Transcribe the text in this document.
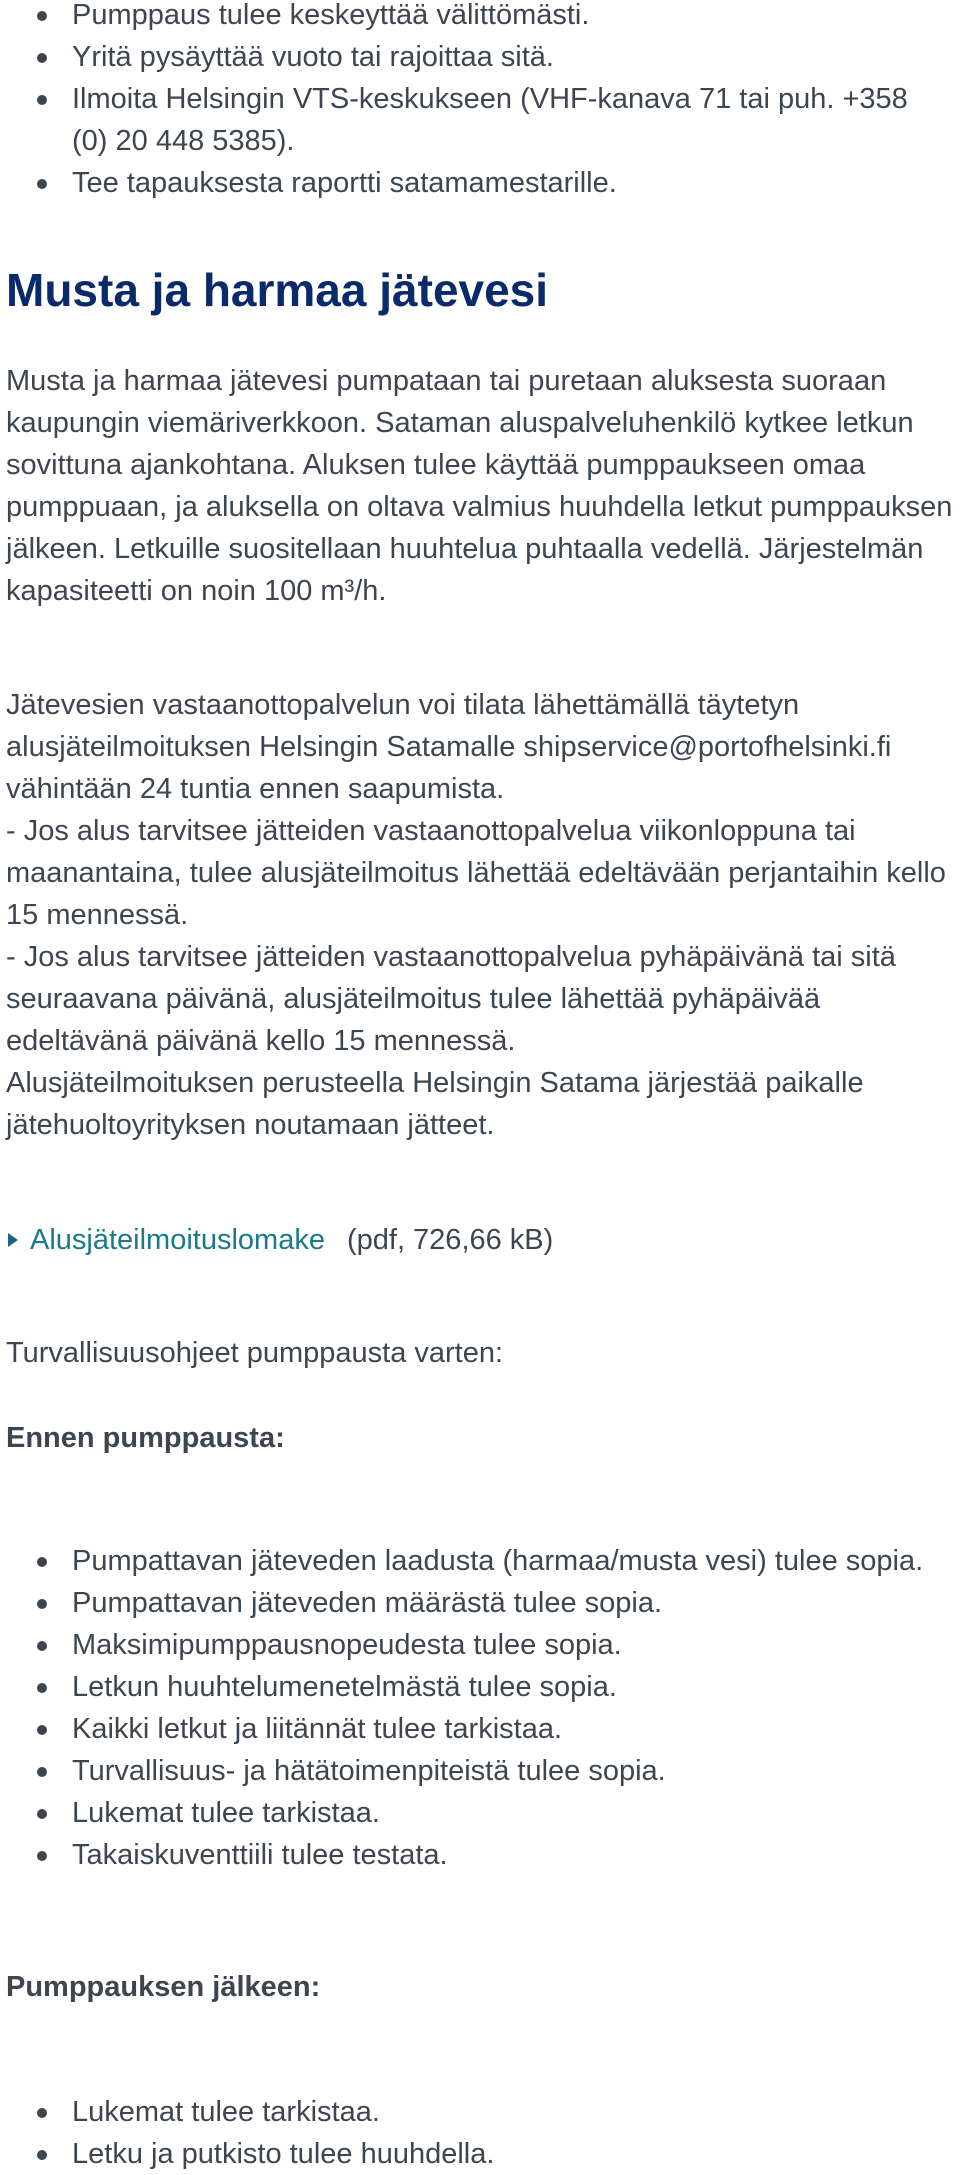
Pumppaus tulee keskeyttää välittömästi.
Yritä pysäyttää vuoto tai rajoittaa sitä.
Ilmoita Helsingin VTS-keskukseen (VHF-kanava 71 tai puh. +358 (0) 20 448 5385).
Tee tapauksesta raportti satamamestarille.
Musta ja harmaa jätevesi

Musta ja harmaa jätevesi pumpataan tai puretaan aluksesta suoraan kaupungin viemäriverkkoon. Sataman aluspalveluhenkilö kytkee letkun sovittuna ajankohtana. Aluksen tulee käyttää pumppaukseen omaa pumppuaan, ja aluksella on oltava valmius huuhdella letkut pumppauksen jälkeen. Letkuille suositellaan huuhtelua puhtaalla vedellä. Järjestelmän kapasiteetti on noin 100 m³/h.

Jätevesien vastaanottopalvelun voi tilata lähettämällä täytetyn alusjäteilmoituksen Helsingin Satamalle shipservice@portofhelsinki.fi vähintään 24 tuntia ennen saapumista.
- Jos alus tarvitsee jätteiden vastaanottopalvelua viikonloppuna tai maanantaina, tulee alusjäteilmoitus lähettää edeltävään perjantaihin kello 15 mennessä.
- Jos alus tarvitsee jätteiden vastaanottopalvelua pyhäpäivänä tai sitä seuraavana päivänä, alusjäteilmoitus tulee lähettää pyhäpäivää edeltävänä päivänä kello 15 mennessä.
Alusjäteilmoituksen perusteella Helsingin Satama järjestää paikalle jätehuoltoyrityksen noutamaan jätteet.

Alusjäteilmoituslomake (pdf, 726,66 kB)

Turvallisuusohjeet pumppausta varten:

Ennen pumppausta:
Pumpattavan jäteveden laadusta (harmaa/musta vesi) tulee sopia.
Pumpattavan jäteveden määrästä tulee sopia.
Maksimipumppausnopeudesta tulee sopia.
Letkun huuhtelumenetelmästä tulee sopia.
Kaikki letkut ja liitännät tulee tarkistaa.
Turvallisuus- ja hätätoimenpiteistä tulee sopia.
Lukemat tulee tarkistaa.
Takaiskuventtiili tulee testata.
Pumppauksen jälkeen:
Lukemat tulee tarkistaa.
Letku ja putkisto tulee huuhdella.
